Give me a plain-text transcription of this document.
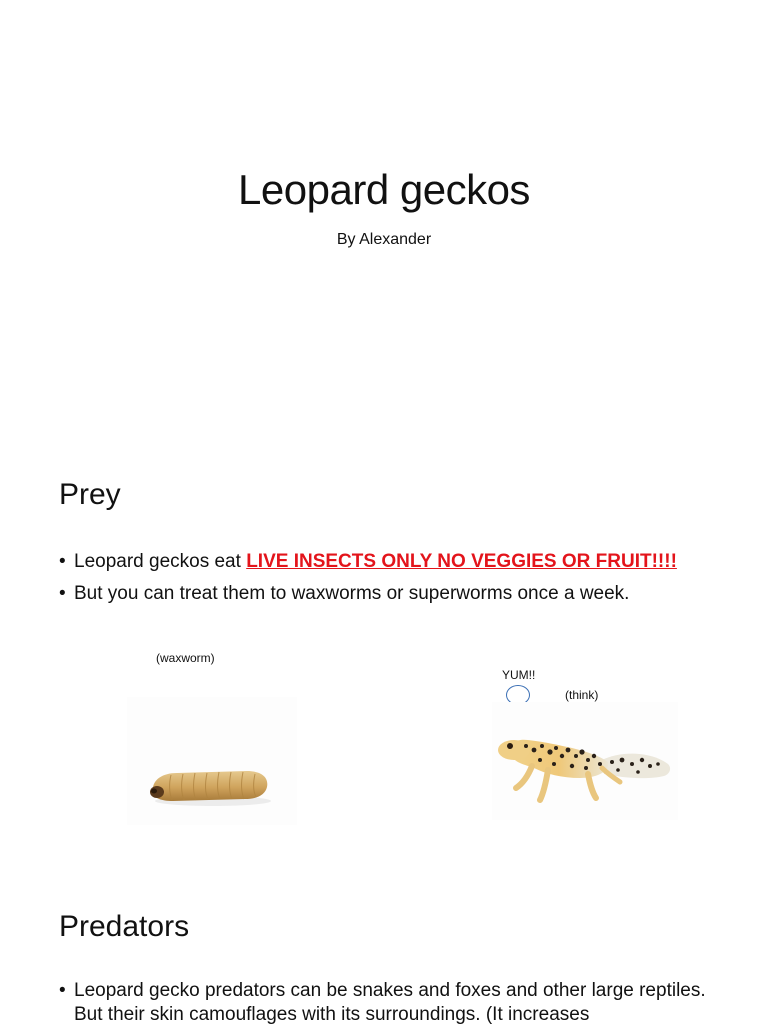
Leopard geckos
By Alexander
Prey
• Leopard geckos eat LIVE INSECTS ONLY NO VEGGIES OR FRUIT!!!!
• But you can treat them to waxworms or superworms once a week.
(waxworm)
YUM!!
(think)
Predators
• Leopard gecko predators can be snakes and foxes and other large reptiles. But their skin camouflages with its surroundings. (It increases
